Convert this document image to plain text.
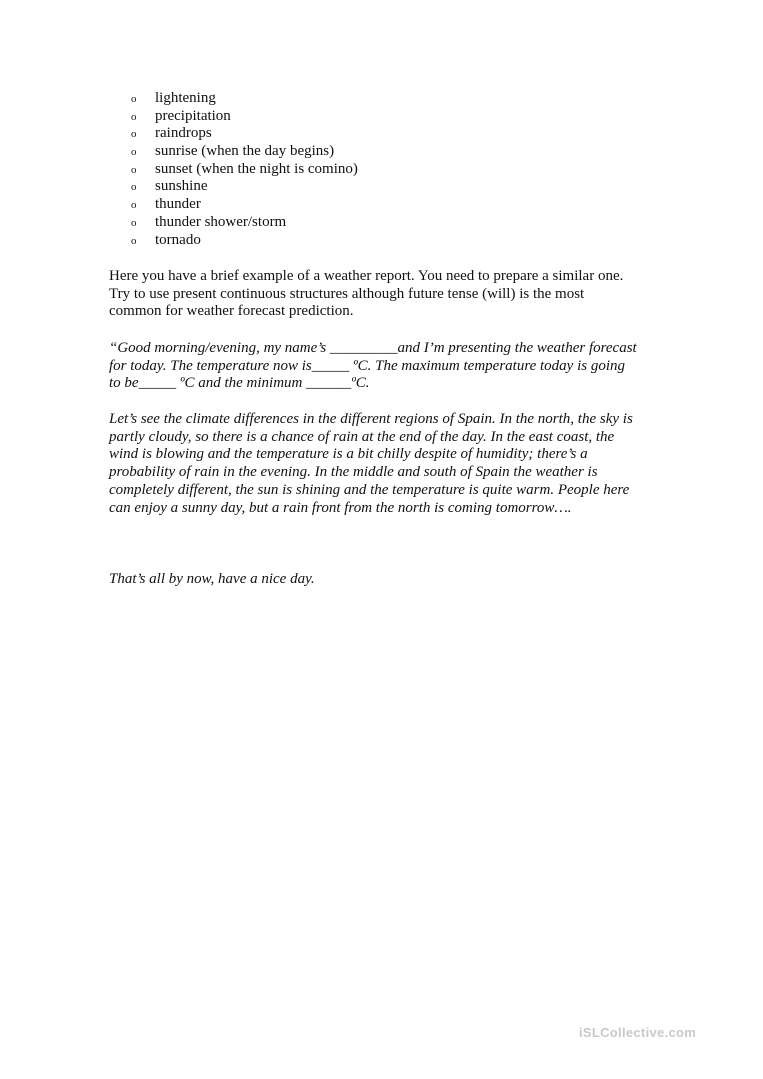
o lightening
o precipitation
o raindrops
o sunrise (when the day begins)
o sunset (when the night is comino)
o sunshine
o thunder
o thunder shower/storm
o tornado
Here you have a brief example of a weather report. You need to prepare a similar one.
Try to use present continuous structures although future tense (will) is the most
common for weather forecast prediction.
“Good morning/evening, my name’s _________and I’m presenting the weather forecast
for today. The temperature now is_____ ºC. The maximum temperature today is going
to be_____ ºC and the minimum ______ºC.
Let’s see the climate differences in the different regions of Spain. In the north, the sky is
partly cloudy, so there is a chance of rain at the end of the day. In the east coast, the
wind is blowing and the temperature is a bit chilly despite of humidity; there’s a
probability of rain in the evening. In the middle and south of Spain the weather is
completely different, the sun is shining and the temperature is quite warm. People here
can enjoy a sunny day, but a rain front from the north is coming tomorrow….
That’s all by now, have a nice day.
iSLCollective.com
